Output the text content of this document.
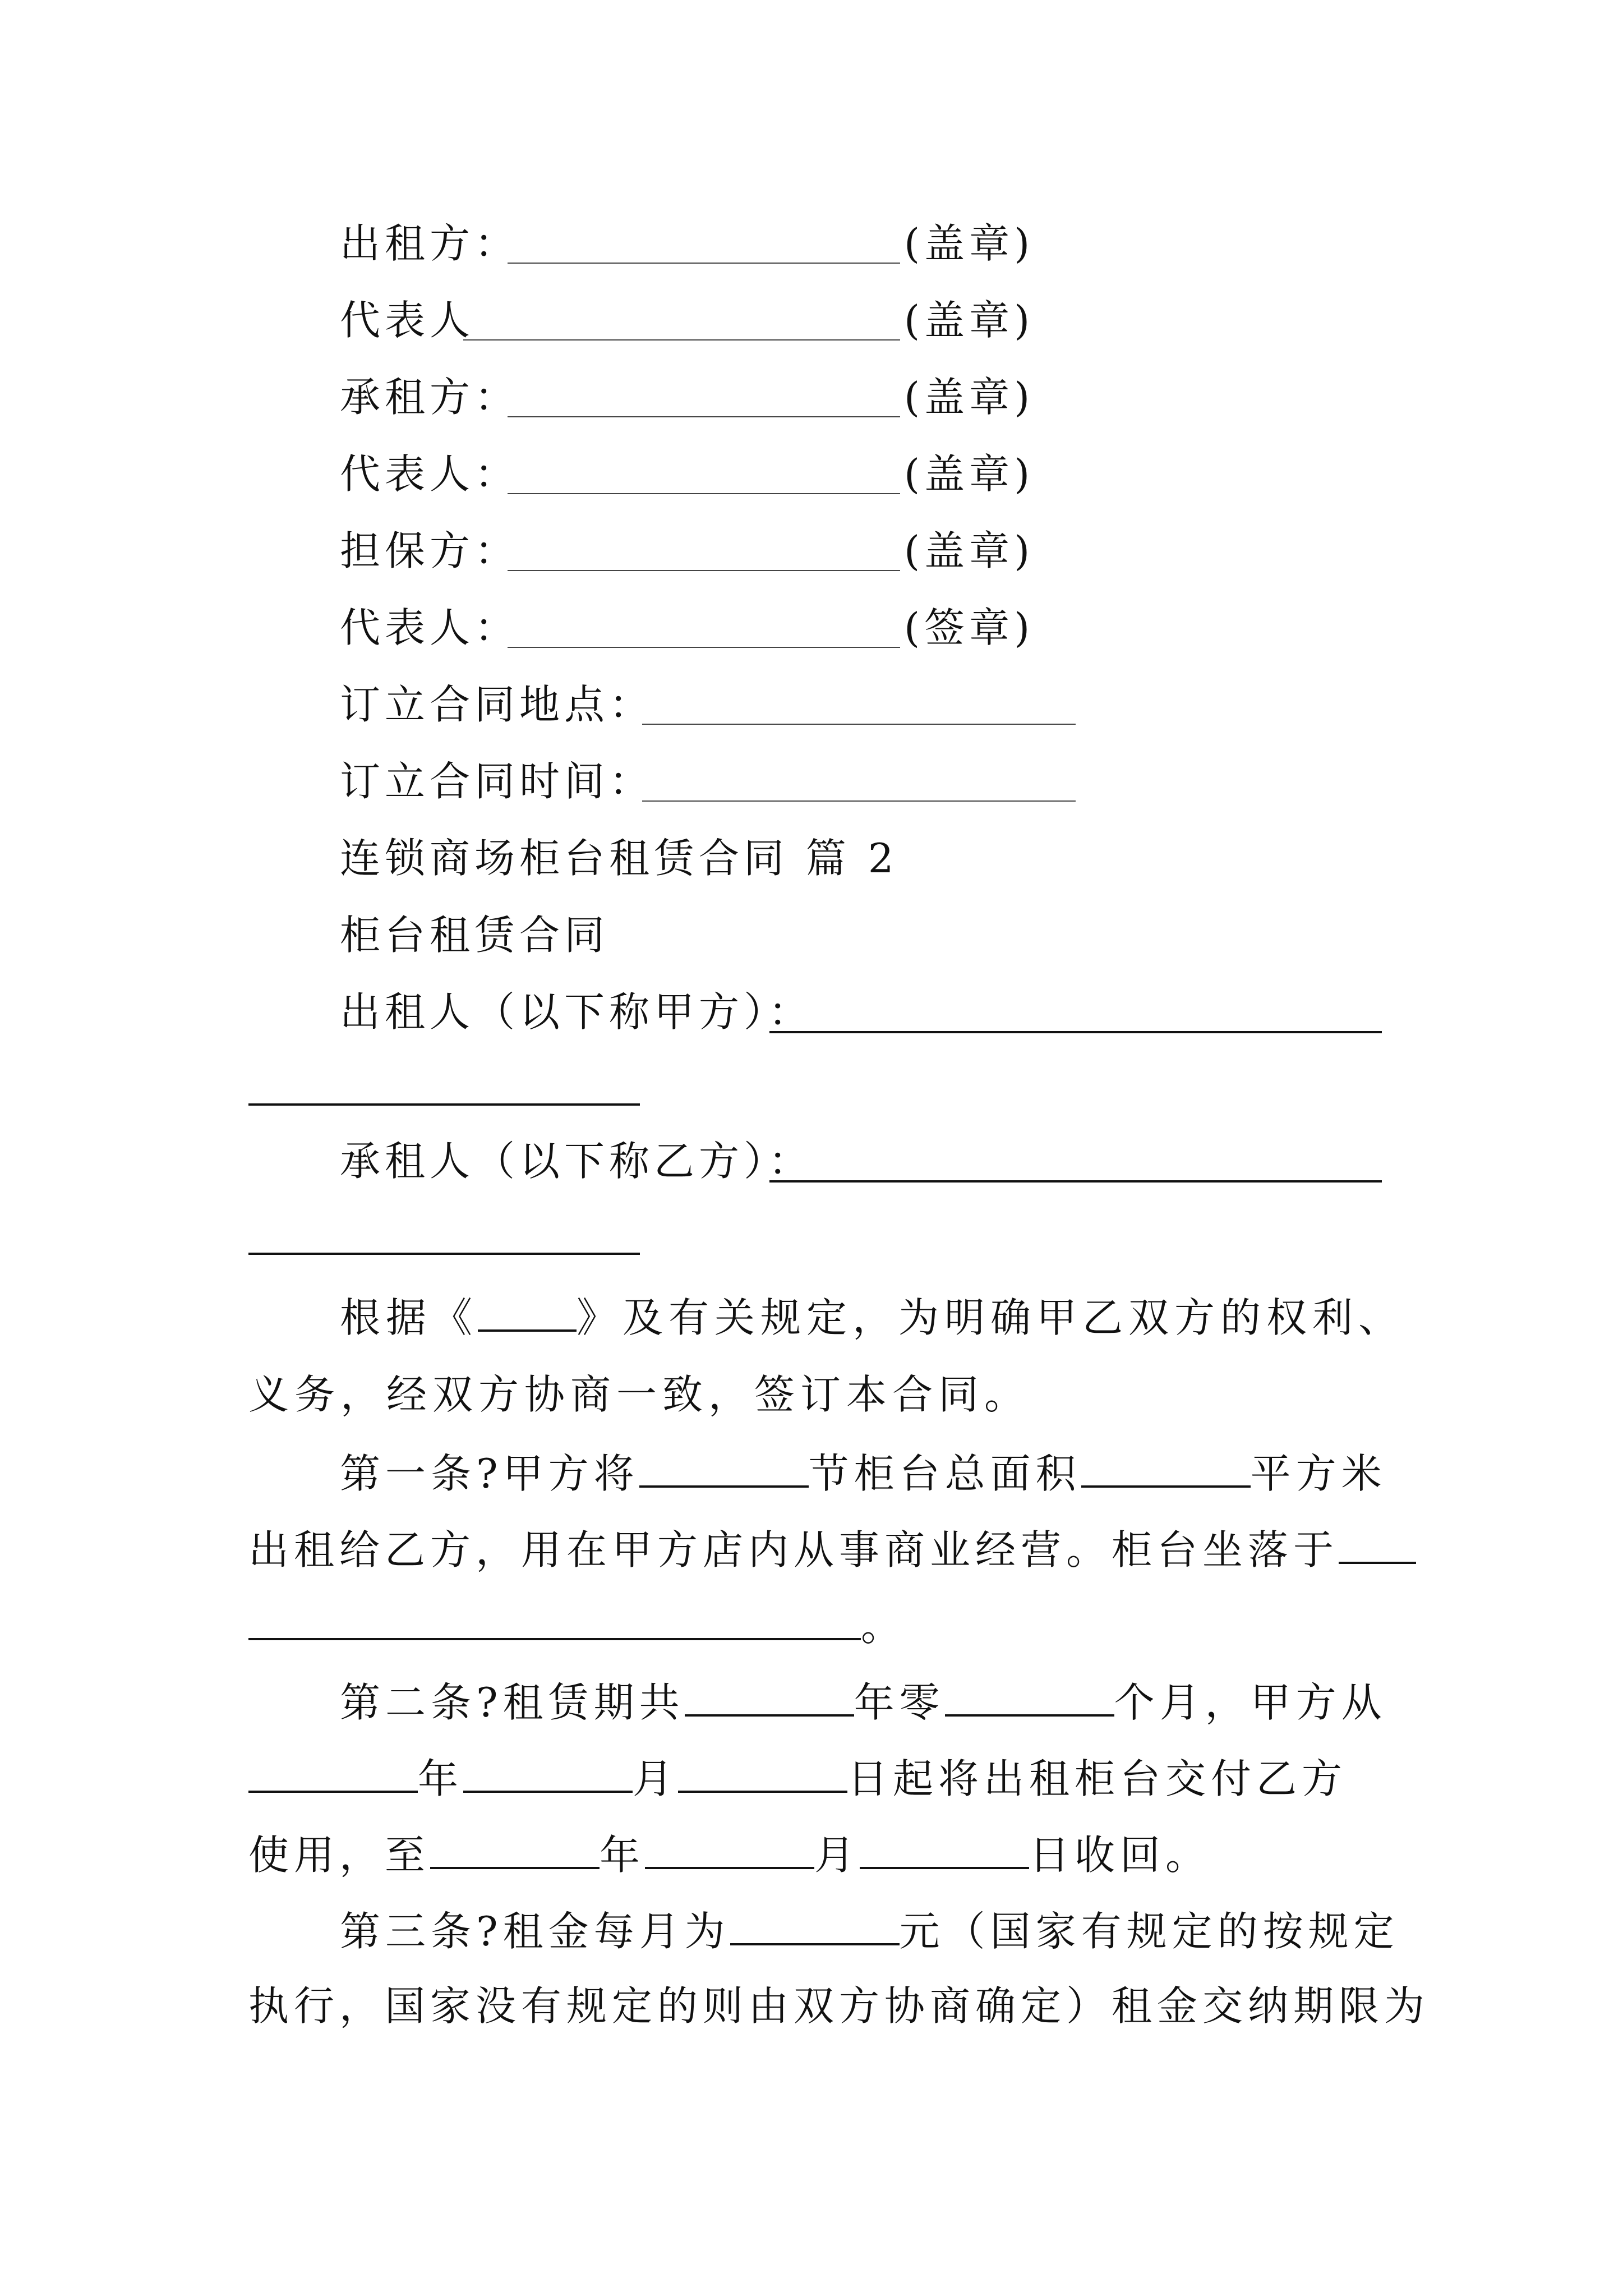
出租方：	(盖章)
代表人	(盖章)
承租方：	(盖章)
代表人：	(盖章)
担保方：	(盖章)
代表人：	(签章)
订立合同地点：
订立合同时间：
连锁商场柜台租赁合同 篇 2
柜台租赁合同
出租人（以下称甲方）：
承租人（以下称乙方）：
根据《 》及有关规定，为明确甲乙双方的权利、
义务，经双方协商一致，签订本合同。
第一条?甲方将	节柜台总面积	平方米
出租给乙方，用在甲方店内从事商业经营。柜台坐落于
。
第二条?租赁期共	年零	个月，甲方从
年	月	日起将出租柜台交付乙方
使用，至	年	月	日收回。
第三条?租金每月为	元（国家有规定的按规定
执行，国家没有规定的则由双方协商确定）租金交纳期限为
